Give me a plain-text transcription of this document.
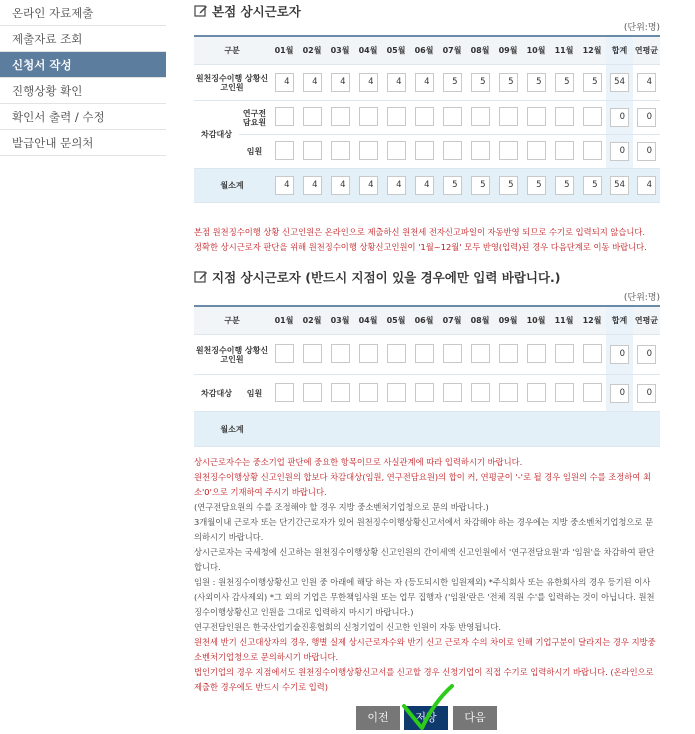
온라인 자료제출
제출자료 조회
신청서 작성
진행상황 확인
확인서 출력 / 수정
발급안내 문의처
본점 상시근로자
(단위:명)
구분		01월	02월	03월	04월	05월	06월	07월	08월	09월	10월	11월	12월	합계	연평균
원천징수이행 상황신고인원		4	4	4	4	4	4	5	5	5	5	5	5	54	4
차감대상	연구전 담요원													0	0
	임원													0	0
월소계		4	4	4	4	4	4	5	5	5	5	5	5	54	4

본점 원천징수이행 상황 신고인원은 온라인으로 제출하신 원천세 전자신고파일이 자동반영 되므로 수기로 입력되지 않습니다.

정확한 상시근로자 판단을 위해 원천징수이행 상황신고인원이 '1월~12월' 모두 반영(입력)된 경우 다음단계로 이동 바랍니다.

지점 상시근로자 (반드시 지점이 있을 경우에만 입력 바랍니다.)
(단위:명)
구분		01월	02월	03월	04월	05월	06월	07월	08월	09월	10월	11월	12월	합계	연평균
원천징수이행 상황신고인원														0	0
차감대상	임원													0	0
월소계															

상시근로자수는 중소기업 판단에 중요한 항목이므로 사실관계에 따라 입력하시기 바랍니다.

원천징수이행상황 신고인원의 합보다 차감대상(임원, 연구전담요원)의 합이 커, 연평균이 '-'로 될 경우 임원의 수를 조정하여 최소'0'으로 기재하여 주시기 바랍니다.

(연구전담요원의 수를 조정해야 할 경우 지방 중소벤처기업청으로 문의 바랍니다.)

3개월이내 근로자 또는 단기간근로자가 있어 원천징수이행상황신고서에서 차감해야 하는 경우에는 지방 중소벤처기업청으로 문의하시기 바랍니다.

상시근로자는 국세청에 신고하는 원천징수이행상황 신고인원의 간이세액 신고인원에서 '연구전담요원'과 '임원'을 차감하여 판단합니다.

임원 : 원천징수이행상황신고 인원 중 아래에 해당 하는 자 (등도되시한 임원제외) *주식회사 또는 유한회사의 경우 등기된 이사(사외이사 감사제외) *그 외의 기업은 무한책임사원 또는 업무 집행자 ('임원'란은 '전체 직원 수'를 입력하는 것이 아닙니다. 원천징수이행상황신고 인원을 그대로 입력하지 마시기 바랍니다.)

연구전담인원은 한국산업기술진흥협회의 신청기업이 신고한 인원이 자동 반영됩니다.

원천세 반기 신고대상자의 경우, 행별 실제 상시근로자수와 반기 신고 근로자 수의 차이로 인해 기업구분이 달라지는 경우 지방중소벤처기업청으로 문의하시기 바랍니다.

법인기업의 경우 지점에서도 원천징수이행상황신고서를 신고할 경우 신청기업이 직접 수기로 입력하시기 바랍니다. (온라인으로제출한 경우에도 반드시 수기로 입력)

이전	저장	다음
